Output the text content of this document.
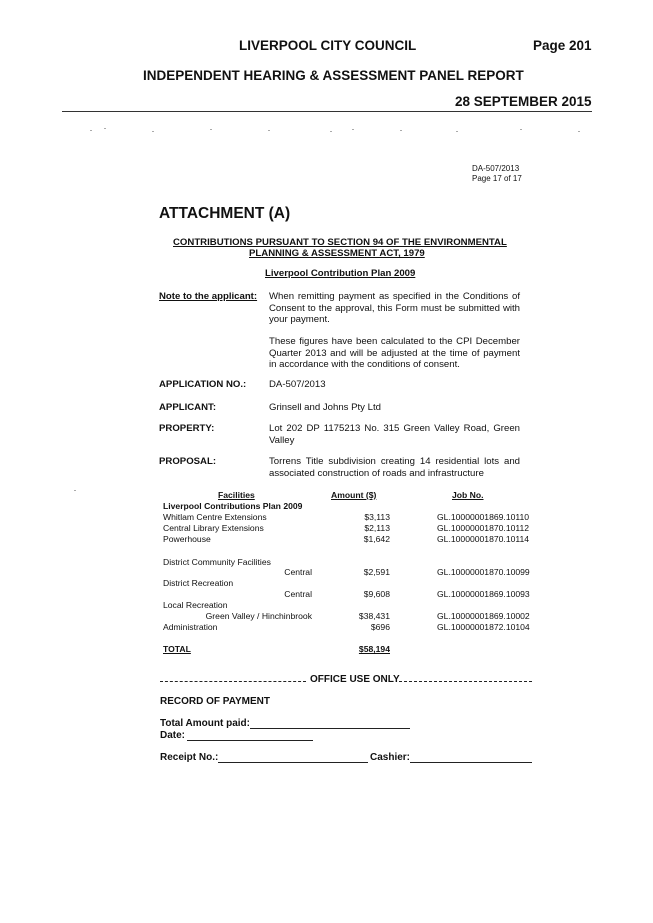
LIVERPOOL CITY COUNCIL	Page 201
INDEPENDENT HEARING & ASSESSMENT PANEL REPORT
28 SEPTEMBER 2015
DA-507/2013
Page 17 of 17
ATTACHMENT (A)
CONTRIBUTIONS PURSUANT TO SECTION 94 OF THE ENVIRONMENTAL
PLANNING & ASSESSMENT ACT, 1979
Liverpool Contribution Plan 2009
Note to the applicant: When remitting payment as specified in the Conditions of Consent to the approval, this Form must be submitted with your payment.
These figures have been calculated to the CPI December Quarter 2013 and will be adjusted at the time of payment in accordance with the conditions of consent.
APPLICATION NO.: DA-507/2013
APPLICANT:	Grinsell and Johns Pty Ltd
PROPERTY:	Lot 202 DP 1175213 No. 315 Green Valley Road, Green Valley
PROPOSAL:	Torrens Title subdivision creating 14 residential lots and associated construction of roads and infrastructure
Facilities	Amount ($)	Job No.
Liverpool Contributions Plan 2009
Whitlam Centre Extensions	$3,113	GL.10000001869.10110
Central Library Extensions	$2,113	GL.10000001870.10112
Powerhouse	$1,642	GL.10000001870.10114
District Community Facilities
Central	$2,591	GL.10000001870.10099
District Recreation
Central	$9,608	GL.10000001869.10093
Local Recreation
Green Valley / Hinchinbrook	$38,431	GL.10000001869.10002
Administration	$696	GL.10000001872.10104
TOTAL	$58,194
OFFICE USE ONLY
RECORD OF PAYMENT
Total Amount paid:
Date:
Receipt No.:	Cashier:
